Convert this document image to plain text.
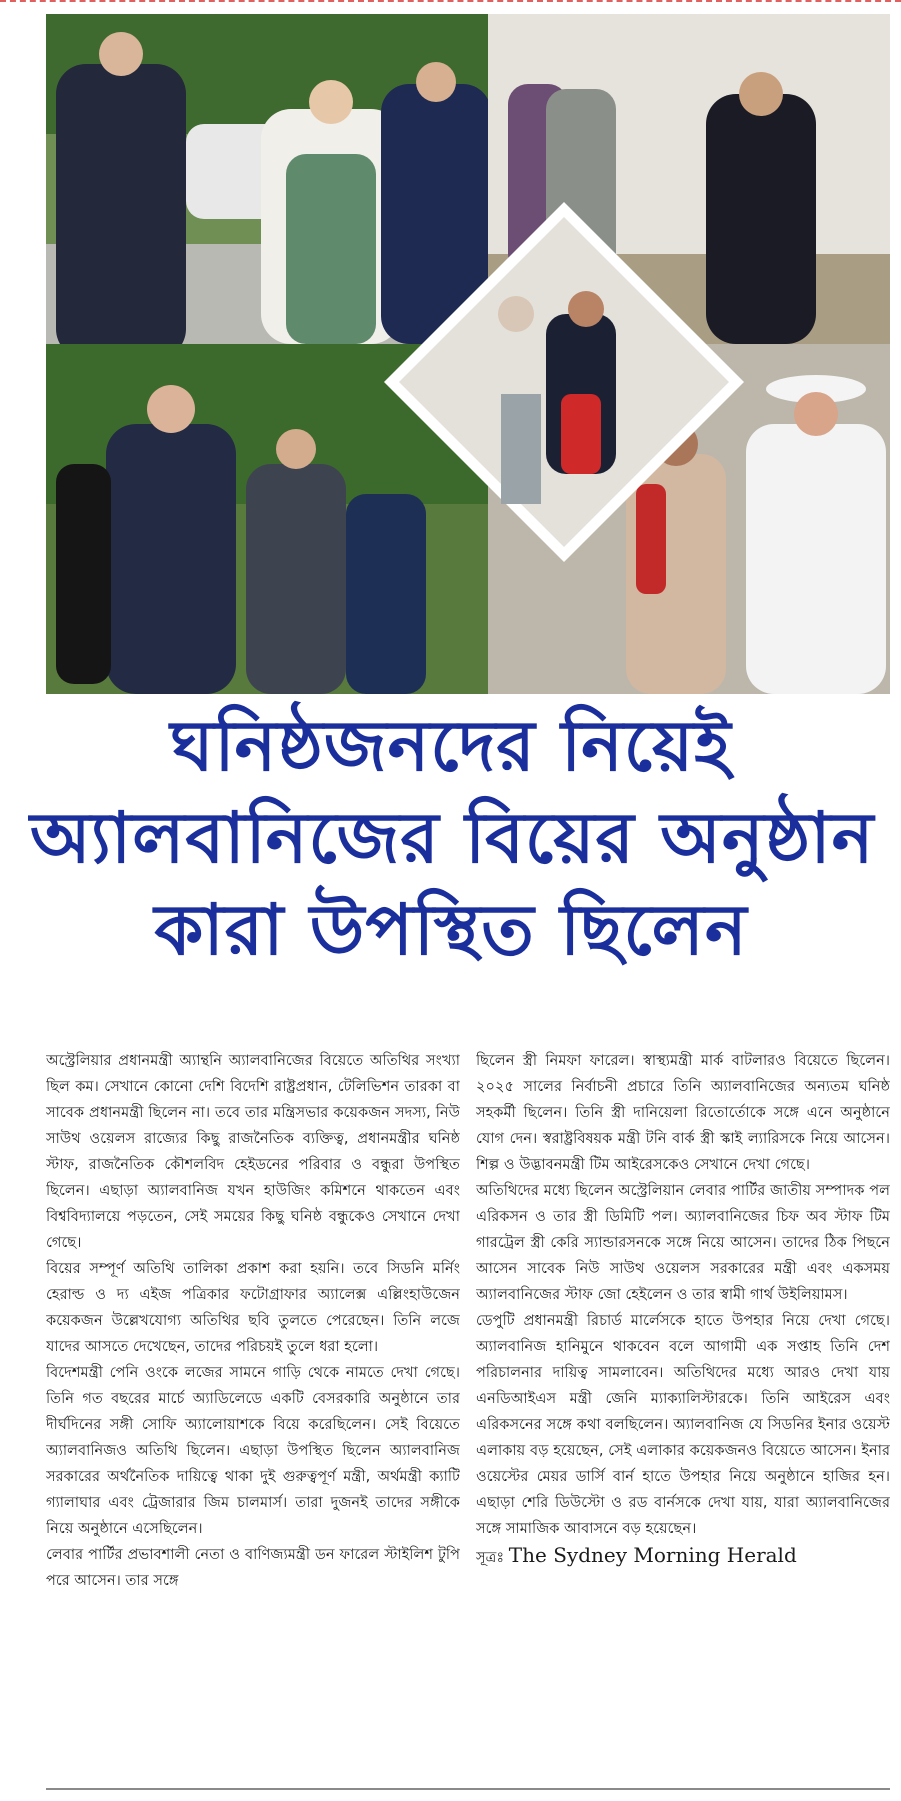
ঘনিষ্ঠজনদের নিয়েই
অ্যালবানিজের বিয়ের অনুষ্ঠান
কারা উপস্থিত ছিলেন

অস্ট্রেলিয়ার প্রধানমন্ত্রী অ্যান্থনি অ্যালবানিজের বিয়েতে অতিথির সংখ্যা ছিল কম। সেখানে কোনো দেশি বিদেশি রাষ্ট্রপ্রধান, টেলিভিশন তারকা বা সাবেক প্রধানমন্ত্রী ছিলেন না। তবে তার মন্ত্রিসভার কয়েকজন সদস্য, নিউ সাউথ ওয়েলস রাজ্যের কিছু রাজনৈতিক ব্যক্তিত্ব, প্রধানমন্ত্রীর ঘনিষ্ঠ স্টাফ, রাজনৈতিক কৌশলবিদ হেইডনের পরিবার ও বন্ধুরা উপস্থিত ছিলেন। এছাড়া অ্যালবানিজ যখন হাউজিং কমিশনে থাকতেন এবং বিশ্ববিদ্যালয়ে পড়তেন, সেই সময়ের কিছু ঘনিষ্ঠ বন্ধুকেও সেখানে দেখা গেছে।

বিয়ের সম্পূর্ণ অতিথি তালিকা প্রকাশ করা হয়নি। তবে সিডনি মর্নিং হেরাল্ড ও দ্য এইজ পত্রিকার ফটোগ্রাফার অ্যালেক্স এল্লিংহাউজেন কয়েকজন উল্লেখযোগ্য অতিথির ছবি তুলতে পেরেছেন। তিনি লজে যাদের আসতে দেখেছেন, তাদের পরিচয়ই তুলে ধরা হলো।

বিদেশমন্ত্রী পেনি ওংকে লজের সামনে গাড়ি থেকে নামতে দেখা গেছে। তিনি গত বছরের মার্চে অ্যাডিলেডে একটি বেসরকারি অনুষ্ঠানে তার দীর্ঘদিনের সঙ্গী সোফি অ্যালোয়াশকে বিয়ে করেছিলেন। সেই বিয়েতে অ্যালবানিজও অতিথি ছিলেন। এছাড়া উপস্থিত ছিলেন অ্যালবানিজ সরকারের অর্থনৈতিক দায়িত্বে থাকা দুই গুরুত্বপূর্ণ মন্ত্রী, অর্থমন্ত্রী ক্যাটি গ্যালাঘার এবং ট্রেজারার জিম চালমার্স। তারা দুজনই তাদের সঙ্গীকে নিয়ে অনুষ্ঠানে এসেছিলেন।

লেবার পার্টির প্রভাবশালী নেতা ও বাণিজ্যমন্ত্রী ডন ফারেল স্টাইলিশ টুপি পরে আসেন। তার সঙ্গে

ছিলেন স্ত্রী নিমফা ফারেল। স্বাস্থ্যমন্ত্রী মার্ক বাটলারও বিয়েতে ছিলেন। ২০২৫ সালের নির্বাচনী প্রচারে তিনি অ্যালবানিজের অন্যতম ঘনিষ্ঠ সহকর্মী ছিলেন। তিনি স্ত্রী দানিয়েলা রিতোর্তোকে সঙ্গে এনে অনুষ্ঠানে যোগ দেন। স্বরাষ্ট্রবিষয়ক মন্ত্রী টনি বার্ক স্ত্রী স্কাই ল্যারিসকে নিয়ে আসেন। শিল্প ও উদ্ভাবনমন্ত্রী টিম আইরেসকেও সেখানে দেখা গেছে।

অতিথিদের মধ্যে ছিলেন অস্ট্রেলিয়ান লেবার পার্টির জাতীয় সম্পাদক পল এরিকসন ও তার স্ত্রী ডিমিটি পল। অ্যালবানিজের চিফ অব স্টাফ টিম গারট্রেল স্ত্রী কেরি স্যান্ডারসনকে সঙ্গে নিয়ে আসেন। তাদের ঠিক পিছনে আসেন সাবেক নিউ সাউথ ওয়েলস সরকারের মন্ত্রী এবং একসময় অ্যালবানিজের স্টাফ জো হেইলেন ও তার স্বামী গার্থ উইলিয়ামস।

ডেপুটি প্রধানমন্ত্রী রিচার্ড মার্লেসকে হাতে উপহার নিয়ে দেখা গেছে। অ্যালবানিজ হানিমুনে থাকবেন বলে আগামী এক সপ্তাহ তিনি দেশ পরিচালনার দায়িত্ব সামলাবেন। অতিথিদের মধ্যে আরও দেখা যায় এনডিআইএস মন্ত্রী জেনি ম্যাক্যালিস্টারকে। তিনি আইরেস এবং এরিকসনের সঙ্গে কথা বলছিলেন। অ্যালবানিজ যে সিডনির ইনার ওয়েস্ট এলাকায় বড় হয়েছেন, সেই এলাকার কয়েকজনও বিয়েতে আসেন। ইনার ওয়েস্টের মেয়র ডার্সি বার্ন হাতে উপহার নিয়ে অনুষ্ঠানে হাজির হন। এছাড়া শেরি ডিউস্টো ও রড বার্নসকে দেখা যায়, যারা অ্যালবানিজের সঙ্গে সামাজিক আবাসনে বড় হয়েছেন।

সূত্রঃ The Sydney Morning Herald
